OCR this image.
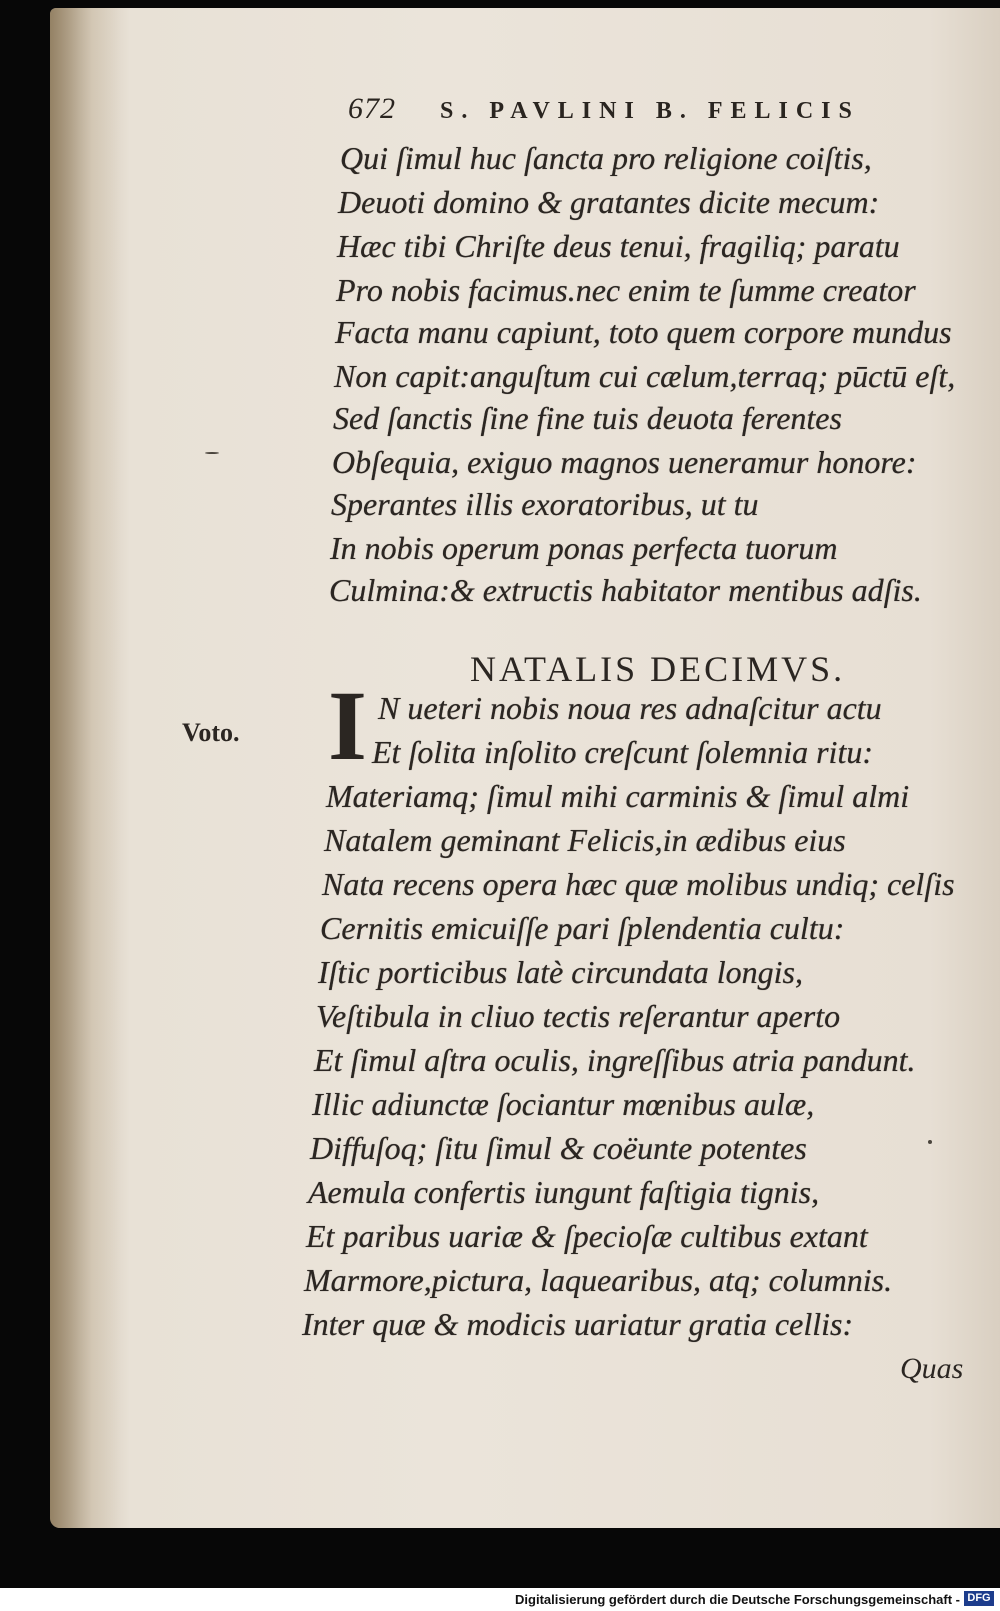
672 S. PAVLINI B. FELICIS
Qui ſimul huc ſancta pro religione coiſtis,
Deuoti domino & gratantes dicite mecum:
Hæc tibi Chriſte deus tenui, fragiliq; paratu
Pro nobis facimus.nec enim te ſumme creator
Facta manu capiunt, toto quem corpore mundus
Non capit:anguſtum cui cælum,terraq; pūctū eſt,
Sed ſanctis ſine fine tuis deuota ferentes
Obſequia, exiguo magnos ueneramur honore:
Sperantes illis exoratoribus, ut tu
In nobis operum ponas perfecta tuorum
Culmina:& extructis habitator mentibus adſis.
NATALIS DECIMVS.
Voto. I N ueteri nobis noua res adnaſcitur actu
Et ſolita inſolito creſcunt ſolemnia ritu:
Materiamq; ſimul mihi carminis & ſimul almi
Natalem geminant Felicis,in ædibus eius
Nata recens opera hæc quæ molibus undiq; celſis
Cernitis emicuiſſe pari ſplendentia cultu:
Iſtic porticibus latè circundata longis,
Veſtibula in cliuo tectis reſerantur aperto
Et ſimul aſtra oculis, ingreſſibus atria pandunt.
Illic adiunctæ ſociantur mœnibus aulæ,
Diffuſoq; ſitu ſimul & coëunte potentes
Aemula confertis iungunt faſtigia tignis,
Et paribus uariæ & ſpecioſæ cultibus extant
Marmore,pictura, laquearibus, atq; columnis.
Inter quæ & modicis uariatur gratia cellis:
Quas
Digitalisierung gefördert durch die Deutsche Forschungsgemeinschaft - DFG
